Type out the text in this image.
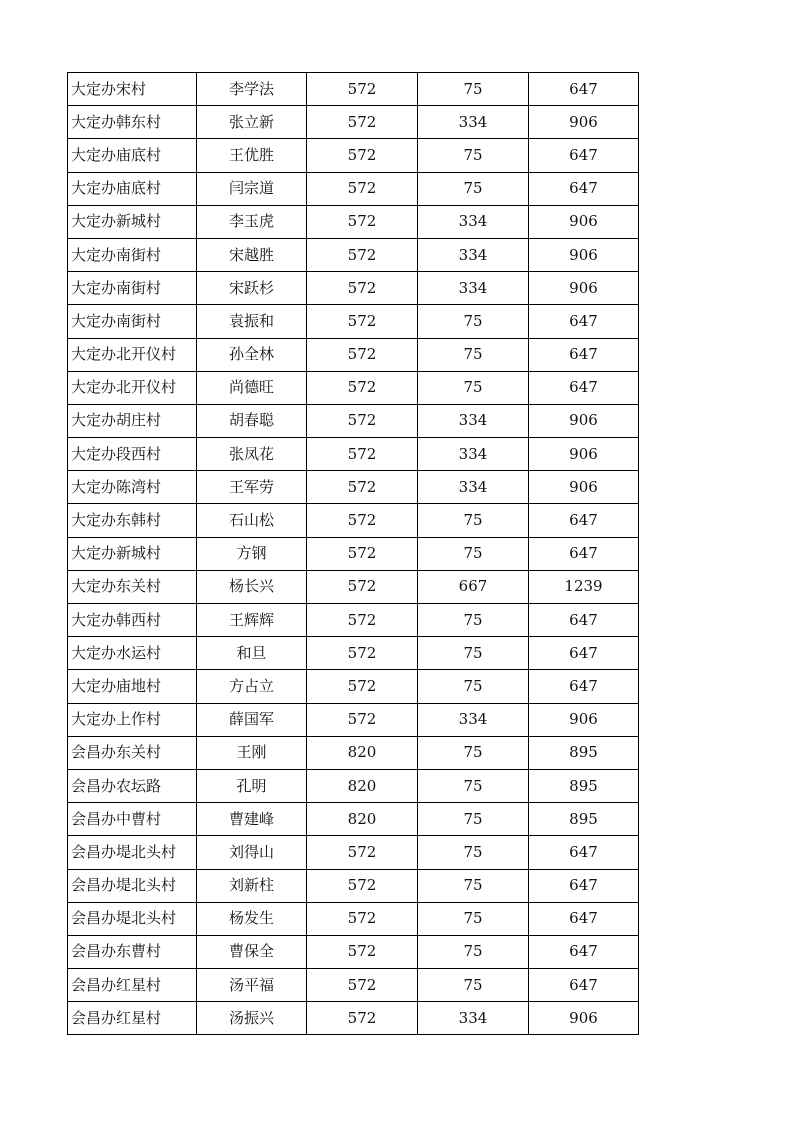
大定办宋村	李学法	572	75	647
大定办韩东村	张立新	572	334	906
大定办庙底村	王优胜	572	75	647
大定办庙底村	闫宗道	572	75	647
大定办新城村	李玉虎	572	334	906
大定办南街村	宋越胜	572	334	906
大定办南街村	宋跃杉	572	334	906
大定办南街村	袁振和	572	75	647
大定办北开仪村	孙全林	572	75	647
大定办北开仪村	尚德旺	572	75	647
大定办胡庄村	胡春聪	572	334	906
大定办段西村	张凤花	572	334	906
大定办陈湾村	王军劳	572	334	906
大定办东韩村	石山松	572	75	647
大定办新城村	方钢	572	75	647
大定办东关村	杨长兴	572	667	1239
大定办韩西村	王辉辉	572	75	647
大定办水运村	和旦	572	75	647
大定办庙地村	方占立	572	75	647
大定办上作村	薛国军	572	334	906
会昌办东关村	王刚	820	75	895
会昌办农坛路	孔明	820	75	895
会昌办中曹村	曹建峰	820	75	895
会昌办堤北头村	刘得山	572	75	647
会昌办堤北头村	刘新柱	572	75	647
会昌办堤北头村	杨发生	572	75	647
会昌办东曹村	曹保全	572	75	647
会昌办红星村	汤平福	572	75	647
会昌办红星村	汤振兴	572	334	906
